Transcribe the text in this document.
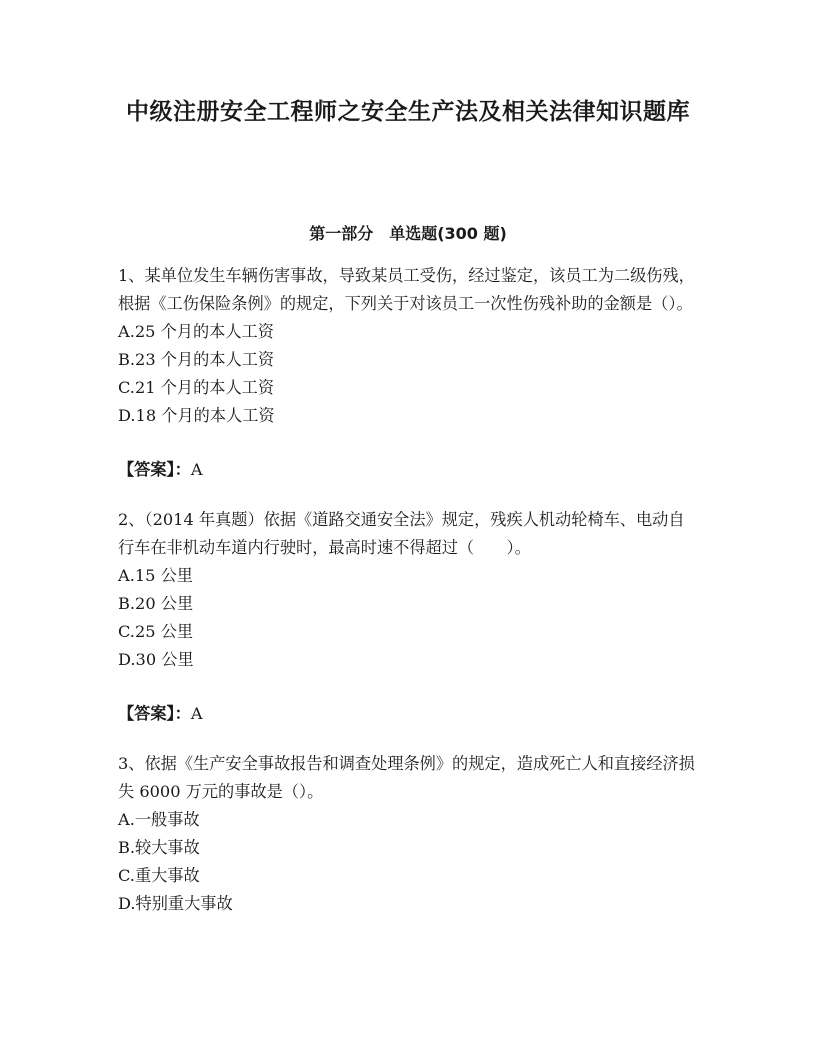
中级注册安全工程师之安全生产法及相关法律知识题库
第一部分　单选题(300 题)

1、某单位发生车辆伤害事故，导致某员工受伤，经过鉴定，该员工为二级伤残，根据《工伤保险条例》的规定，下列关于对该员工一次性伤残补助的金额是（）。

A.25 个月的本人工资

B.23 个月的本人工资

C.21 个月的本人工资

D.18 个月的本人工资

【答案】：A

2、（2014 年真题）依据《道路交通安全法》规定，残疾人机动轮椅车、电动自行车在非机动车道内行驶时，最高时速不得超过（　　）。

A.15 公里

B.20 公里

C.25 公里

D.30 公里

【答案】：A

3、依据《生产安全事故报告和调查处理条例》的规定，造成死亡人和直接经济损失 6000 万元的事故是（）。

A.一般事故

B.较大事故

C.重大事故

D.特别重大事故
